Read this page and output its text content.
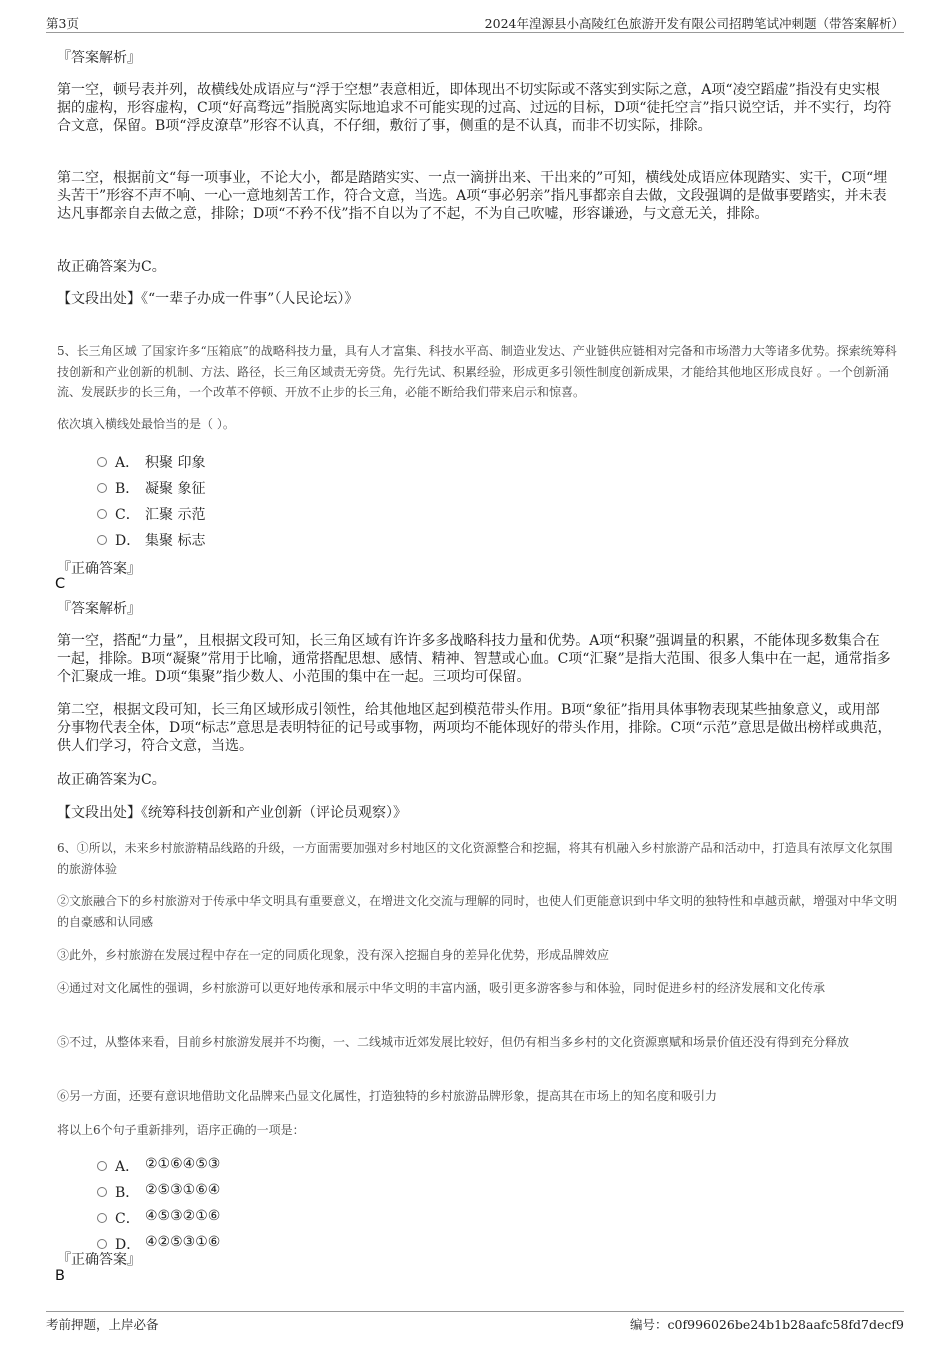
第3页	2024年湟源县小高陵红色旅游开发有限公司招聘笔试冲刺题（带答案解析）
『答案解析』
第一空，顿号表并列，故横线处成语应与“浮于空想”表意相近，即体现出不切实际或不落实到实际之意，A项“凌空蹈虚”指没有史实根据的虚构，形容虚构，C项“好高骛远”指脱离实际地追求不可能实现的过高、过远的目标，D项“徒托空言”指只说空话，并不实行，均符合文意，保留。B项“浮皮潦草”形容不认真，不仔细，敷衍了事，侧重的是不认真，而非不切实际，排除。
第二空，根据前文“每一项事业，不论大小，都是踏踏实实、一点一滴拼出来、干出来的”可知，横线处成语应体现踏实、实干，C项“埋头苦干”形容不声不响、一心一意地刻苦工作，符合文意，当选。A项“事必躬亲”指凡事都亲自去做，文段强调的是做事要踏实，并未表达凡事都亲自去做之意，排除；D项“不矜不伐”指不自以为了不起，不为自己吹嘘，形容谦逊，与文意无关，排除。
故正确答案为C。
【文段出处】《“一辈子办成一件事”（人民论坛）》
5、长三角区域 了国家许多“压箱底”的战略科技力量，具有人才富集、科技水平高、制造业发达、产业链供应链相对完备和市场潜力大等诸多优势。探索统筹科技创新和产业创新的机制、方法、路径，长三角区域责无旁贷。先行先试、积累经验，形成更多引领性制度创新成果，才能给其他地区形成良好 。一个创新涌流、发展跃步的长三角，一个改革不停顿、开放不止步的长三角，必能不断给我们带来启示和惊喜。
依次填入横线处最恰当的是（ ）。
A． 积聚 印象
B． 凝聚 象征
C． 汇聚 示范
D． 集聚 标志
『正确答案』
C
『答案解析』
第一空，搭配“力量”，且根据文段可知，长三角区域有许许多多战略科技力量和优势。A项“积聚”强调量的积累，不能体现多数集合在一起，排除。B项“凝聚”常用于比喻，通常搭配思想、感情、精神、智慧或心血。C项“汇聚”是指大范围、很多人集中在一起，通常指多个汇聚成一堆。D项“集聚”指少数人、小范围的集中在一起。三项均可保留。
第二空，根据文段可知，长三角区域形成引领性，给其他地区起到模范带头作用。B项“象征”指用具体事物表现某些抽象意义，或用部分事物代表全体，D项“标志”意思是表明特征的记号或事物，两项均不能体现好的带头作用，排除。C项“示范”意思是做出榜样或典范，供人们学习，符合文意，当选。
故正确答案为C。
【文段出处】《统筹科技创新和产业创新（评论员观察）》
6、①所以，未来乡村旅游精品线路的升级，一方面需要加强对乡村地区的文化资源整合和挖掘，将其有机融入乡村旅游产品和活动中，打造具有浓厚文化氛围的旅游体验
②文旅融合下的乡村旅游对于传承中华文明具有重要意义，在增进文化交流与理解的同时，也使人们更能意识到中华文明的独特性和卓越贡献，增强对中华文明的自豪感和认同感
③此外，乡村旅游在发展过程中存在一定的同质化现象，没有深入挖掘自身的差异化优势，形成品牌效应
④通过对文化属性的强调，乡村旅游可以更好地传承和展示中华文明的丰富内涵，吸引更多游客参与和体验，同时促进乡村的经济发展和文化传承
⑤不过，从整体来看，目前乡村旅游发展并不均衡，一、二线城市近郊发展比较好，但仍有相当多乡村的文化资源禀赋和场景价值还没有得到充分释放
⑥另一方面，还要有意识地借助文化品牌来凸显文化属性，打造独特的乡村旅游品牌形象，提高其在市场上的知名度和吸引力
将以上6个句子重新排列，语序正确的一项是：
A． ②①⑥④⑤③
B． ②⑤③①⑥④
C． ④⑤③②①⑥
D． ④②⑤③①⑥
『正确答案』
B
考前押题，上岸必备	编号：c0f996026be24b1b28aafc58fd7decf9
